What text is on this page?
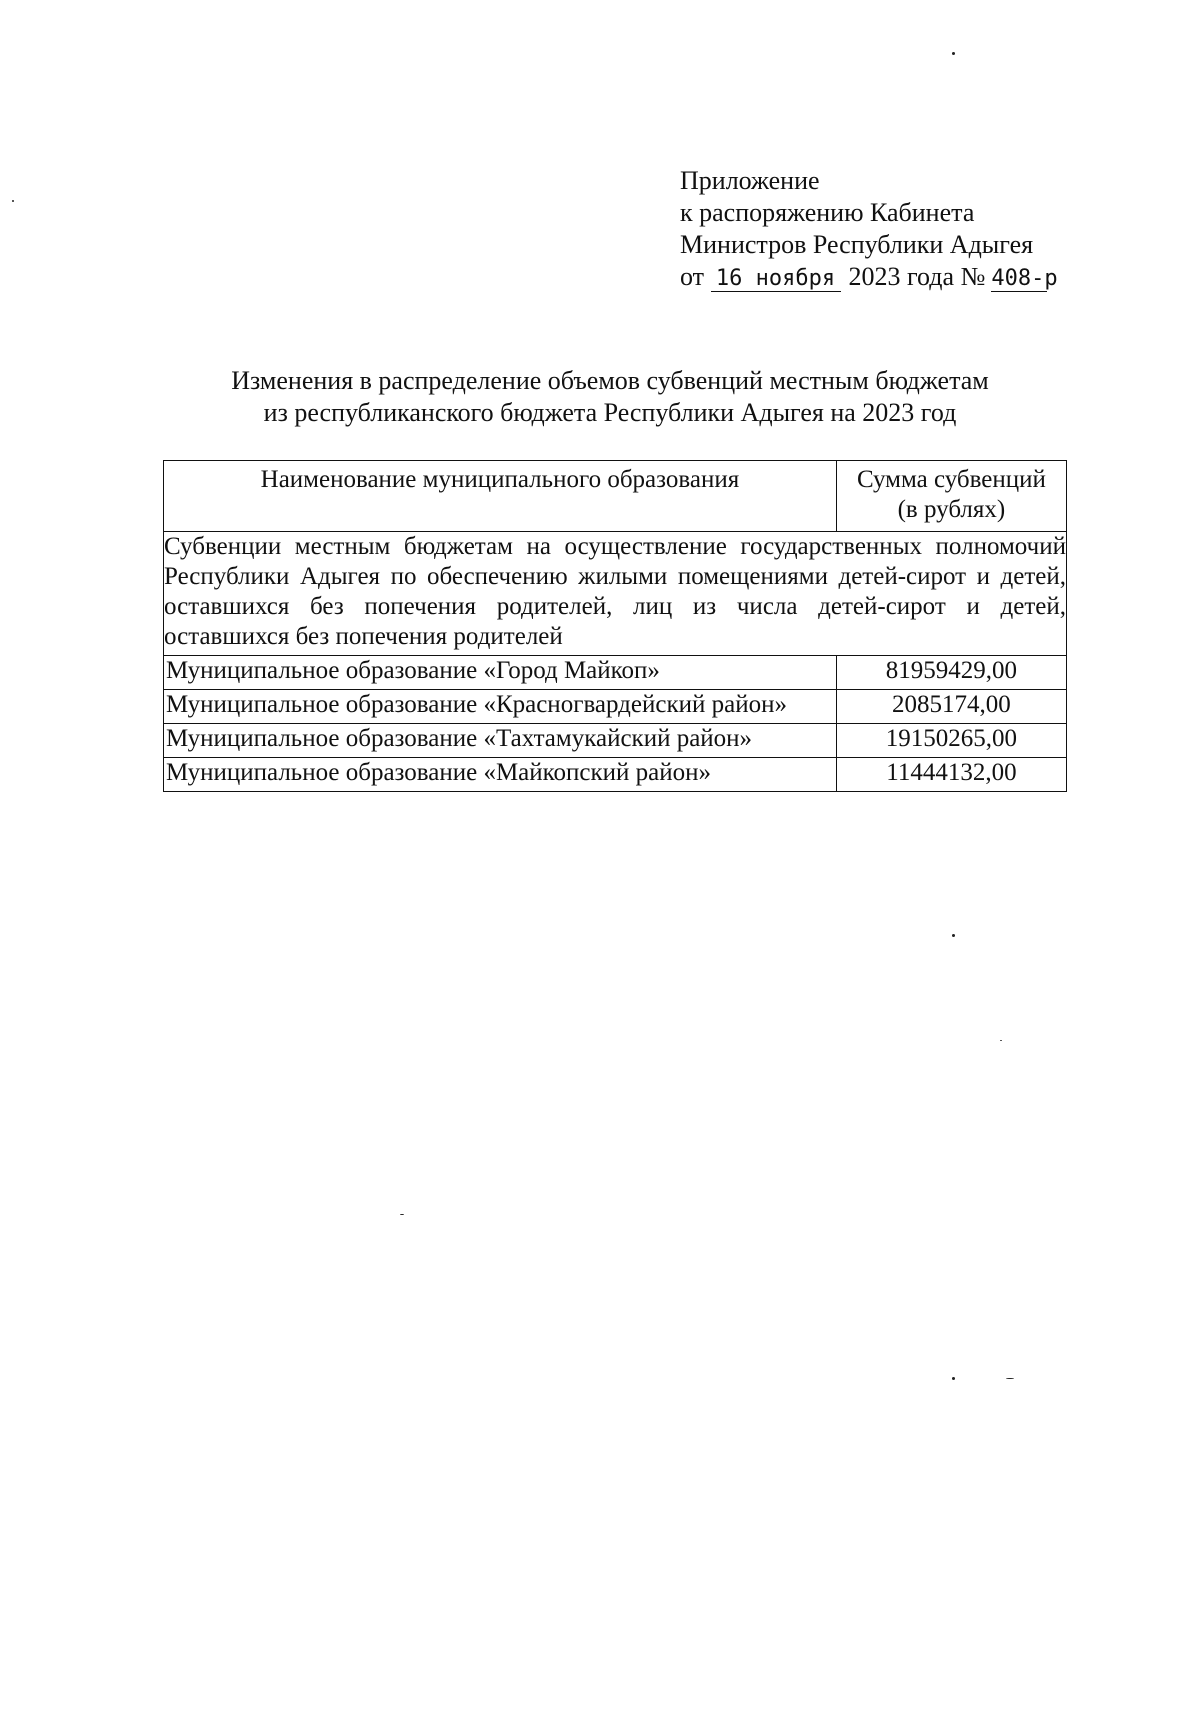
Приложение
к распоряжению Кабинета
Министров Республики Адыгея
от 16 ноября 2023 года № 408-р
Изменения в распределение объемов субвенций местным бюджетам
из республиканского бюджета Республики Адыгея на 2023 год
Наименование муниципального образования	Сумма субвенций
(в рублях)
Субвенции местным бюджетам на осуществление государственных полномочий Республики Адыгея по обеспечению жилыми помещениями детей-сирот и детей, оставшихся без попечения родителей, лиц из числа детей-сирот и детей, оставшихся без попечения родителей	
Муниципальное образование «Город Майкоп»	81959429,00
Муниципальное образование «Красногвардейский район»	2085174,00
Муниципальное образование «Тахтамукайский район»	19150265,00
Муниципальное образование «Майкопский район»	11444132,00
